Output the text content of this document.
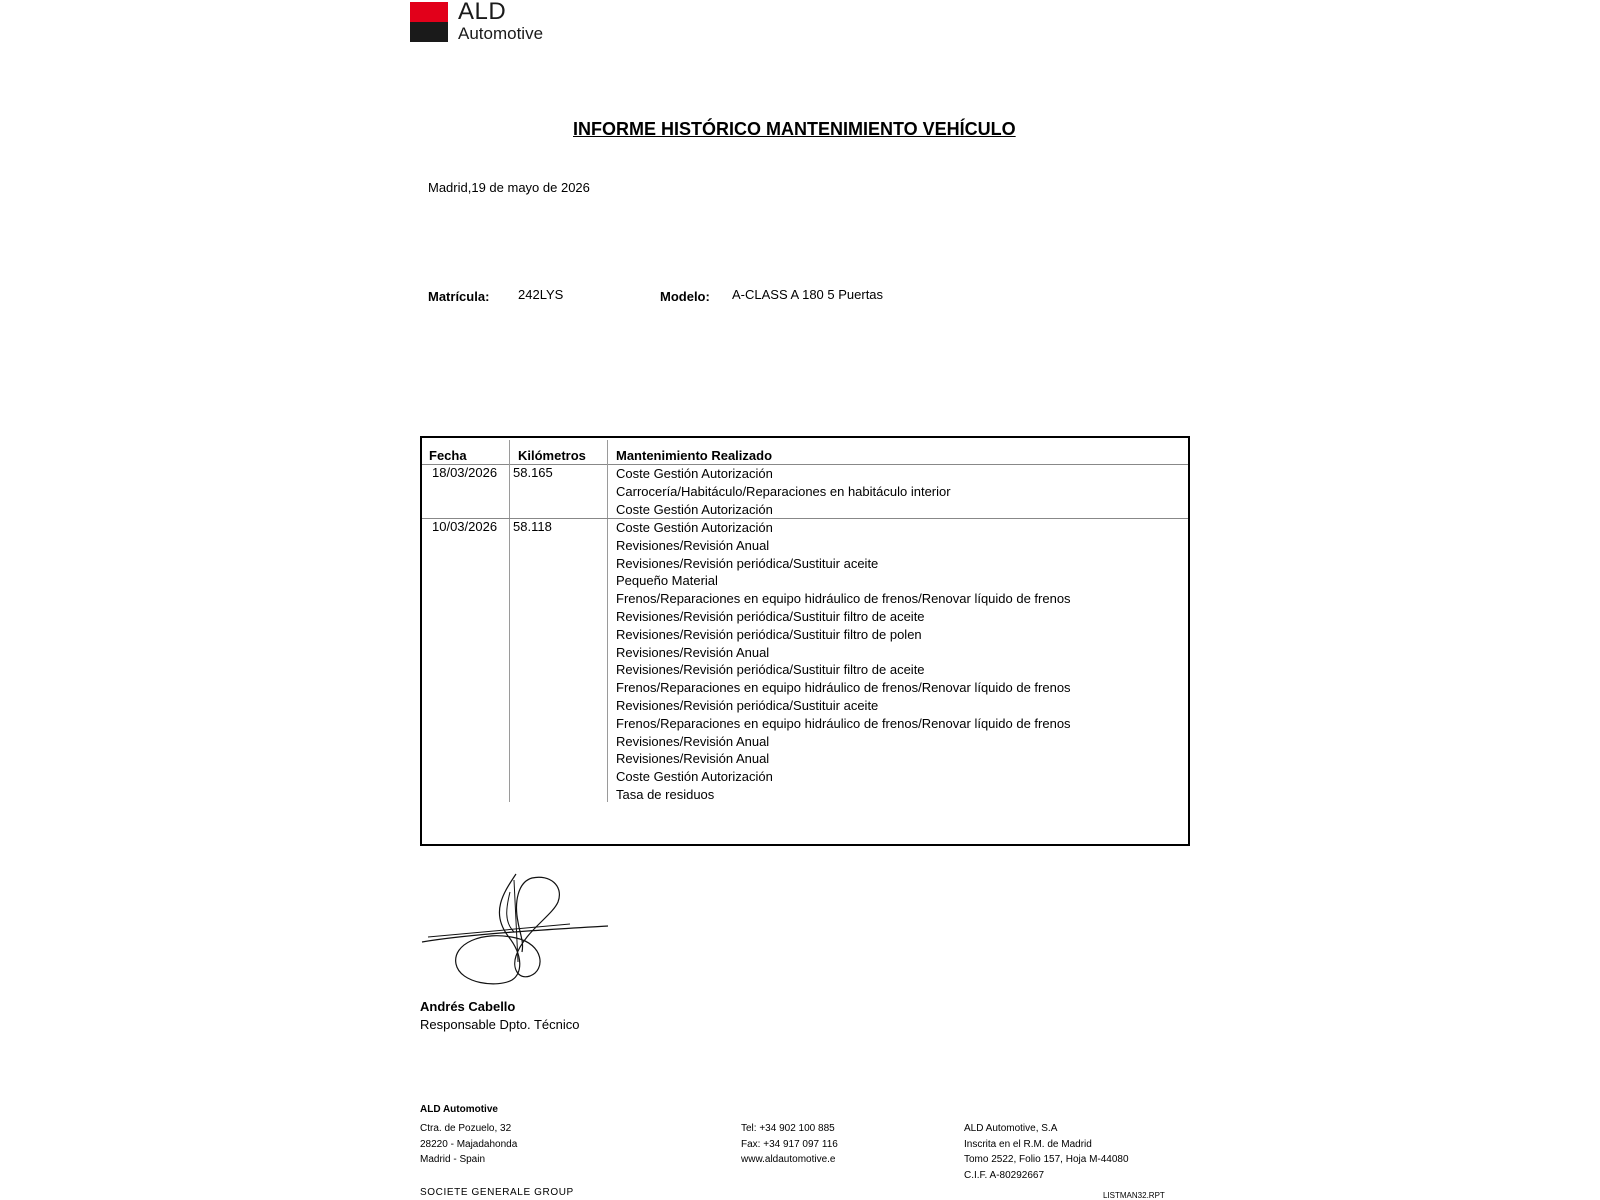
ALD
Automotive
INFORME HISTÓRICO MANTENIMIENTO VEHÍCULO
Madrid,19 de mayo de 2026
Matrícula: 242LYS	Modelo: A-CLASS A 180 5 Puertas
Fecha	Kilómetros Mantenimiento Realizado
18/03/2026 58.165	Coste Gestión Autorización
Carrocería/Habitáculo/Reparaciones en habitáculo interior
Coste Gestión Autorización
10/03/2026 58.118	Coste Gestión Autorización
Revisiones/Revisión Anual
Revisiones/Revisión periódica/Sustituir aceite
Pequeño Material
Frenos/Reparaciones en equipo hidráulico de frenos/Renovar líquido de frenos
Revisiones/Revisión periódica/Sustituir filtro de aceite
Revisiones/Revisión periódica/Sustituir filtro de polen
Revisiones/Revisión Anual
Revisiones/Revisión periódica/Sustituir filtro de aceite
Frenos/Reparaciones en equipo hidráulico de frenos/Renovar líquido de frenos
Revisiones/Revisión periódica/Sustituir aceite
Frenos/Reparaciones en equipo hidráulico de frenos/Renovar líquido de frenos
Revisiones/Revisión Anual
Revisiones/Revisión Anual
Coste Gestión Autorización
Tasa de residuos
Andrés Cabello
Responsable Dpto. Técnico
ALD Automotive
Ctra. de Pozuelo, 32
28220 - Majadahonda
Madrid - Spain
Tel: +34 902 100 885
Fax: +34 917 097 116
www.aldautomotive.e
ALD Automotive, S.A
Inscrita en el R.M. de Madrid
Tomo 2522, Folio 157, Hoja M-44080
C.I.F. A-80292667
SOCIETE GENERALE GROUP	LISTMAN32.RPT
